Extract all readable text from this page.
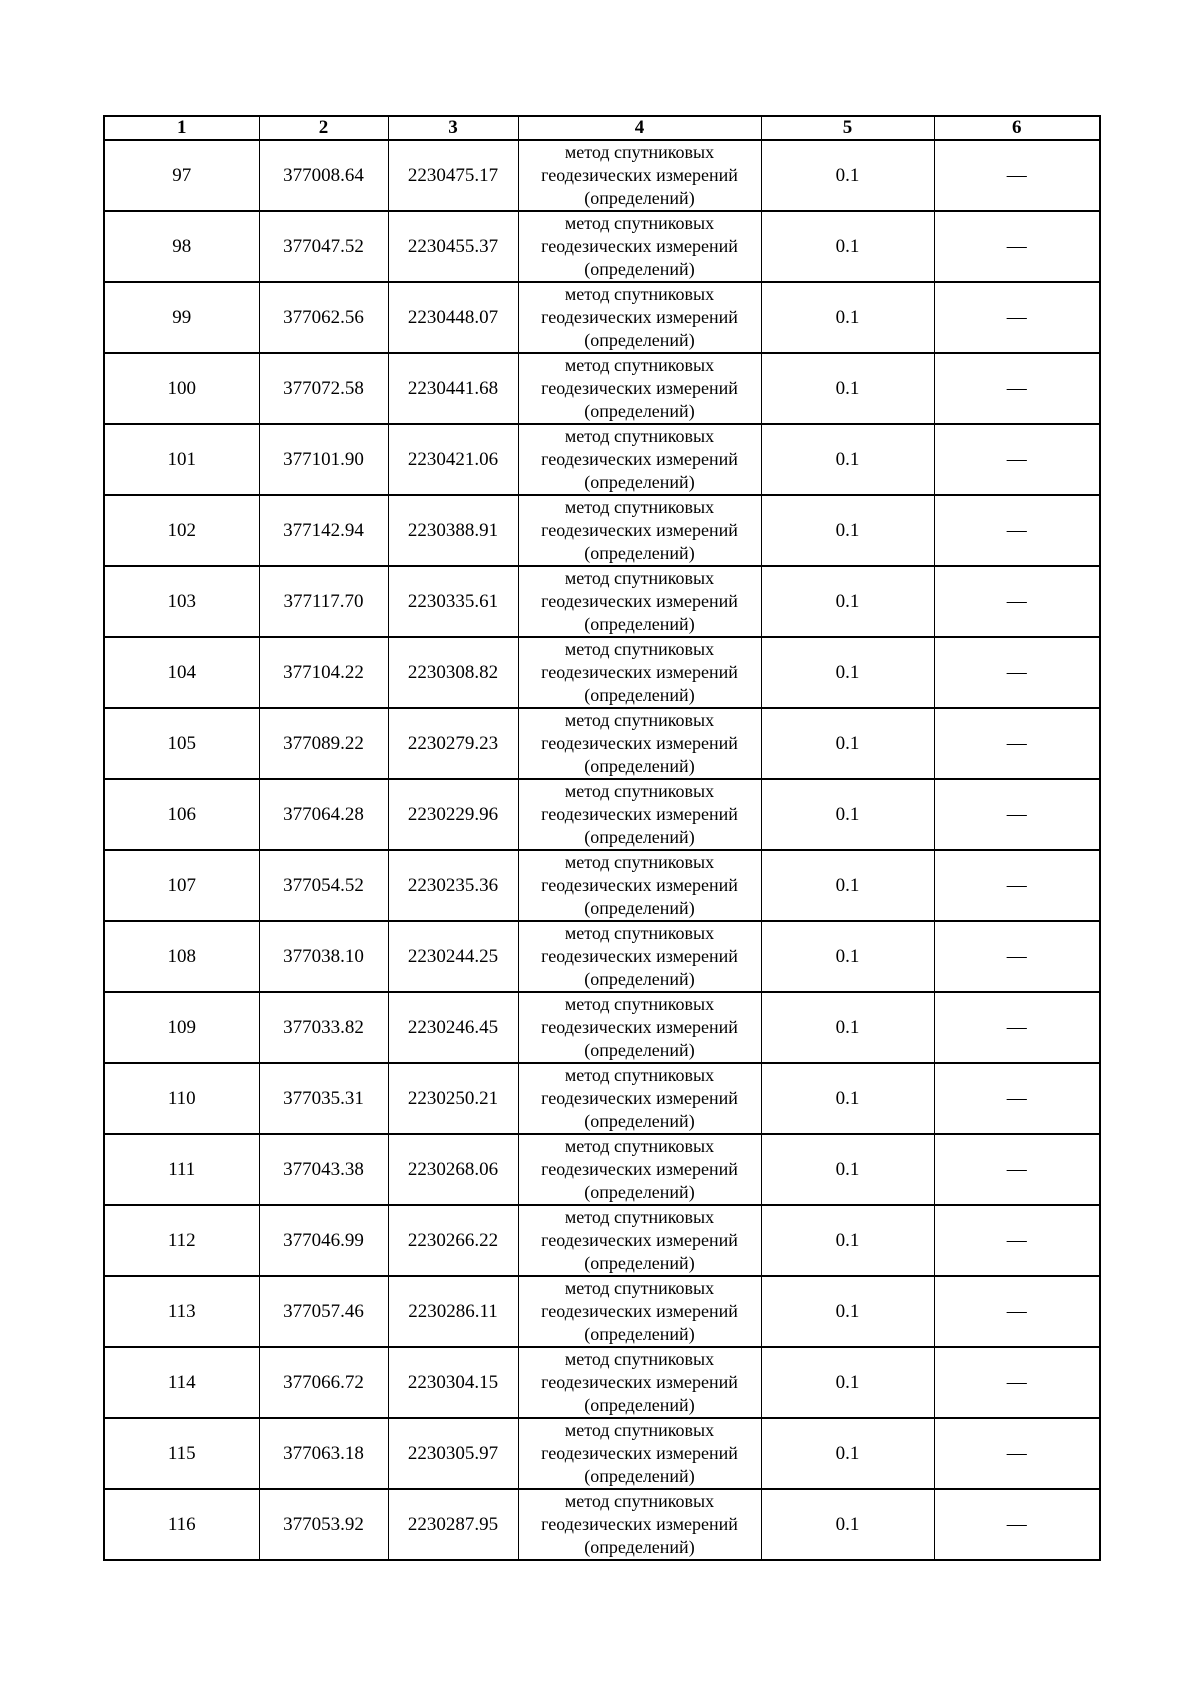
1	2	3	4	5	6
97	377008.64	2230475.17	метод спутниковых
геодезических измерений
(определений)	0.1	—
98	377047.52	2230455.37	метод спутниковых
геодезических измерений
(определений)	0.1	—
99	377062.56	2230448.07	метод спутниковых
геодезических измерений
(определений)	0.1	—
100	377072.58	2230441.68	метод спутниковых
геодезических измерений
(определений)	0.1	—
101	377101.90	2230421.06	метод спутниковых
геодезических измерений
(определений)	0.1	—
102	377142.94	2230388.91	метод спутниковых
геодезических измерений
(определений)	0.1	—
103	377117.70	2230335.61	метод спутниковых
геодезических измерений
(определений)	0.1	—
104	377104.22	2230308.82	метод спутниковых
геодезических измерений
(определений)	0.1	—
105	377089.22	2230279.23	метод спутниковых
геодезических измерений
(определений)	0.1	—
106	377064.28	2230229.96	метод спутниковых
геодезических измерений
(определений)	0.1	—
107	377054.52	2230235.36	метод спутниковых
геодезических измерений
(определений)	0.1	—
108	377038.10	2230244.25	метод спутниковых
геодезических измерений
(определений)	0.1	—
109	377033.82	2230246.45	метод спутниковых
геодезических измерений
(определений)	0.1	—
110	377035.31	2230250.21	метод спутниковых
геодезических измерений
(определений)	0.1	—
111	377043.38	2230268.06	метод спутниковых
геодезических измерений
(определений)	0.1	—
112	377046.99	2230266.22	метод спутниковых
геодезических измерений
(определений)	0.1	—
113	377057.46	2230286.11	метод спутниковых
геодезических измерений
(определений)	0.1	—
114	377066.72	2230304.15	метод спутниковых
геодезических измерений
(определений)	0.1	—
115	377063.18	2230305.97	метод спутниковых
геодезических измерений
(определений)	0.1	—
116	377053.92	2230287.95	метод спутниковых
геодезических измерений
(определений)	0.1	—
